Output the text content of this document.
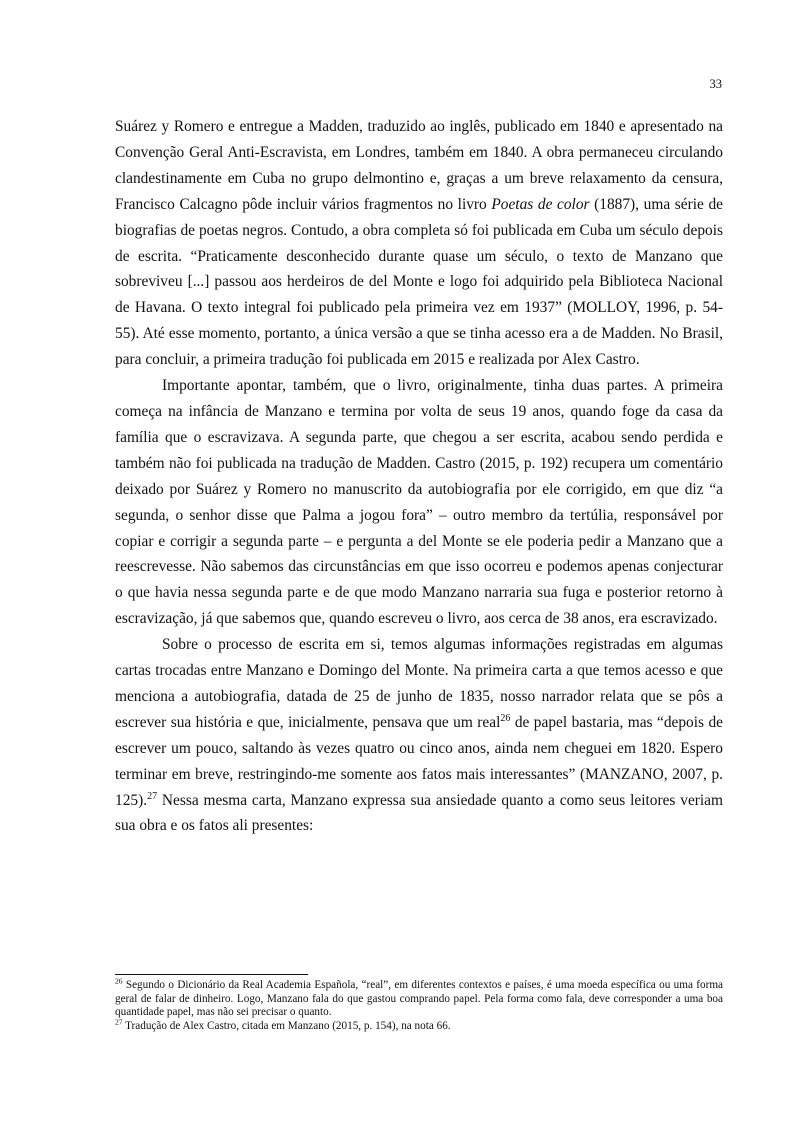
33

Suárez y Romero e entregue a Madden, traduzido ao inglês, publicado em 1840 e apresentado na Convenção Geral Anti-Escravista, em Londres, também em 1840. A obra permaneceu circulando clandestinamente em Cuba no grupo delmontino e, graças a um breve relaxamento da censura, Francisco Calcagno pôde incluir vários fragmentos no livro Poetas de color (1887), uma série de biografias de poetas negros. Contudo, a obra completa só foi publicada em Cuba um século depois de escrita. “Praticamente desconhecido durante quase um século, o texto de Manzano que sobreviveu [...] passou aos herdeiros de del Monte e logo foi adquirido pela Biblioteca Nacional de Havana. O texto integral foi publicado pela primeira vez em 1937” (MOLLOY, 1996, p. 54-55). Até esse momento, portanto, a única versão a que se tinha acesso era a de Madden. No Brasil, para concluir, a primeira tradução foi publicada em 2015 e realizada por Alex Castro.

Importante apontar, também, que o livro, originalmente, tinha duas partes. A primeira começa na infância de Manzano e termina por volta de seus 19 anos, quando foge da casa da família que o escravizava. A segunda parte, que chegou a ser escrita, acabou sendo perdida e também não foi publicada na tradução de Madden. Castro (2015, p. 192) recupera um comentário deixado por Suárez y Romero no manuscrito da autobiografia por ele corrigido, em que diz “a segunda, o senhor disse que Palma a jogou fora” – outro membro da tertúlia, responsável por copiar e corrigir a segunda parte – e pergunta a del Monte se ele poderia pedir a Manzano que a reescrevesse. Não sabemos das circunstâncias em que isso ocorreu e podemos apenas conjecturar o que havia nessa segunda parte e de que modo Manzano narraria sua fuga e posterior retorno à escravização, já que sabemos que, quando escreveu o livro, aos cerca de 38 anos, era escravizado.

Sobre o processo de escrita em si, temos algumas informações registradas em algumas cartas trocadas entre Manzano e Domingo del Monte. Na primeira carta a que temos acesso e que menciona a autobiografia, datada de 25 de junho de 1835, nosso narrador relata que se pôs a escrever sua história e que, inicialmente, pensava que um real$^{26}$ de papel bastaria, mas “depois de escrever um pouco, saltando às vezes quatro ou cinco anos, ainda nem cheguei em 1820. Espero terminar em breve, restringindo-me somente aos fatos mais interessantes” (MANZANO, 2007, p. 125).$^{27}$ Nessa mesma carta, Manzano expressa sua ansiedade quanto a como seus leitores veriam sua obra e os fatos ali presentes:

$^{26}$ Segundo o Dicionário da Real Academia Española, “real”, em diferentes contextos e países, é uma moeda específica ou uma forma geral de falar de dinheiro. Logo, Manzano fala do que gastou comprando papel. Pela forma como fala, deve corresponder a uma boa quantidade papel, mas não sei precisar o quanto.

$^{27}$ Tradução de Alex Castro, citada em Manzano (2015, p. 154), na nota 66.
